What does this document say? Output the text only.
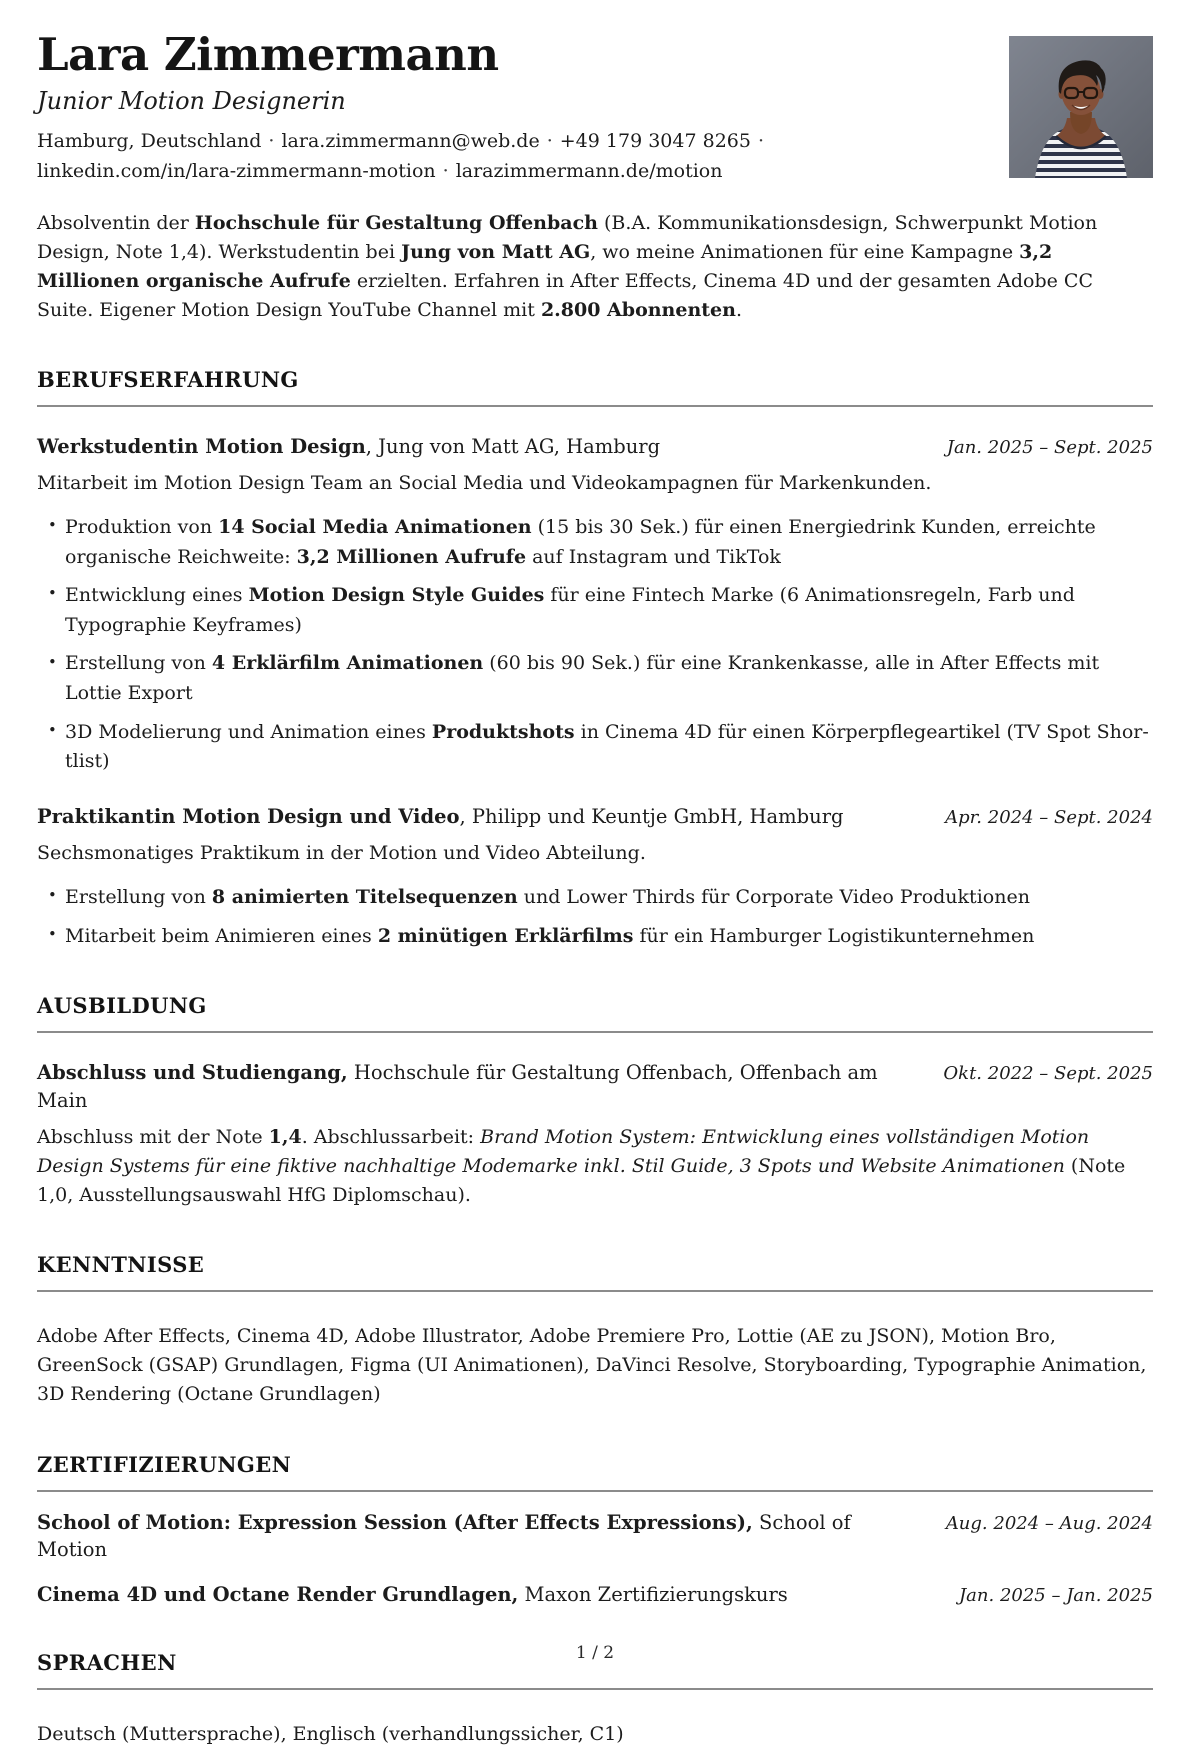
Lara Zimmermann
Junior Motion Designerin
Hamburg, Deutschland · lara.zimmermann@web.de · +49 179 3047 8265 ·
linkedin.com/in/lara-zimmermann-motion · larazimmermann.de/motion

Absolventin der Hochschule für Gestaltung Offenbach (B.A. Kommunikationsdesign, Schwerpunkt Motion Design, Note 1,4). Werkstudentin bei Jung von Matt AG, wo meine Animationen für eine Kampagne 3,2 Millionen organische Aufrufe erzielten. Erfahren in After Effects, Cinema 4D und der gesamten Adobe CC Suite. Eigener Motion Design YouTube Channel mit 2.800 Abonnenten.

BERUFSERFAHRUNG
Werkstudentin Motion Design, Jung von Matt AG, Hamburg	Jan. 2025 – Sept. 2025

Mitarbeit im Motion Design Team an Social Media und Videokampagnen für Markenkunden.

• Produktion von 14 Social Media Animationen (15 bis 30 Sek.) für einen Energiedrink Kunden, erreichte organische Reichweite: 3,2 Millionen Aufrufe auf Instagram und TikTok
• Entwicklung eines Motion Design Style Guides für eine Fintech Marke (6 Animationsregeln, Farb und Typographie Keyframes)
• Erstellung von 4 Erklärfilm Animationen (60 bis 90 Sek.) für eine Krankenkasse, alle in After Effects mit Lottie Export
• 3D Modelierung und Animation eines Produktshots in Cinema 4D für einen Körperpflegeartikel (TV Spot Shortlist)
Praktikantin Motion Design und Video, Philipp und Keuntje GmbH, Hamburg	Apr. 2024 – Sept. 2024

Sechsmonatiges Praktikum in der Motion und Video Abteilung.

• Erstellung von 8 animierten Titelsequenzen und Lower Thirds für Corporate Video Produktionen
• Mitarbeit beim Animieren eines 2 minütigen Erklärfilms für ein Hamburger Logistikunternehmen
AUSBILDUNG
Abschluss und Studiengang, Hochschule für Gestaltung Offenbach, Offenbach am Main
Okt. 2022 – Sept. 2025

Abschluss mit der Note 1,4. Abschlussarbeit: Brand Motion System: Entwicklung eines vollständigen Motion Design Systems für eine fiktive nachhaltige Modemarke inkl. Stil Guide, 3 Spots und Website Animationen (Note 1,0, Ausstellungsauswahl HfG Diplomschau).

KENNTNISSE

Adobe After Effects, Cinema 4D, Adobe Illustrator, Adobe Premiere Pro, Lottie (AE zu JSON), Motion Bro, GreenSock (GSAP) Grundlagen, Figma (UI Animationen), DaVinci Resolve, Storyboarding, Typographie Animation, 3D Rendering (Octane Grundlagen)

ZERTIFIZIERUNGEN
School of Motion: Expression Session (After Effects Expressions), School of Motion
Aug. 2024 – Aug. 2024
Cinema 4D und Octane Render Grundlagen, Maxon Zertifizierungskurs	Jan. 2025 – Jan. 2025
SPRACHEN

Deutsch (Muttersprache), Englisch (verhandlungssicher, C1)

1 / 2
